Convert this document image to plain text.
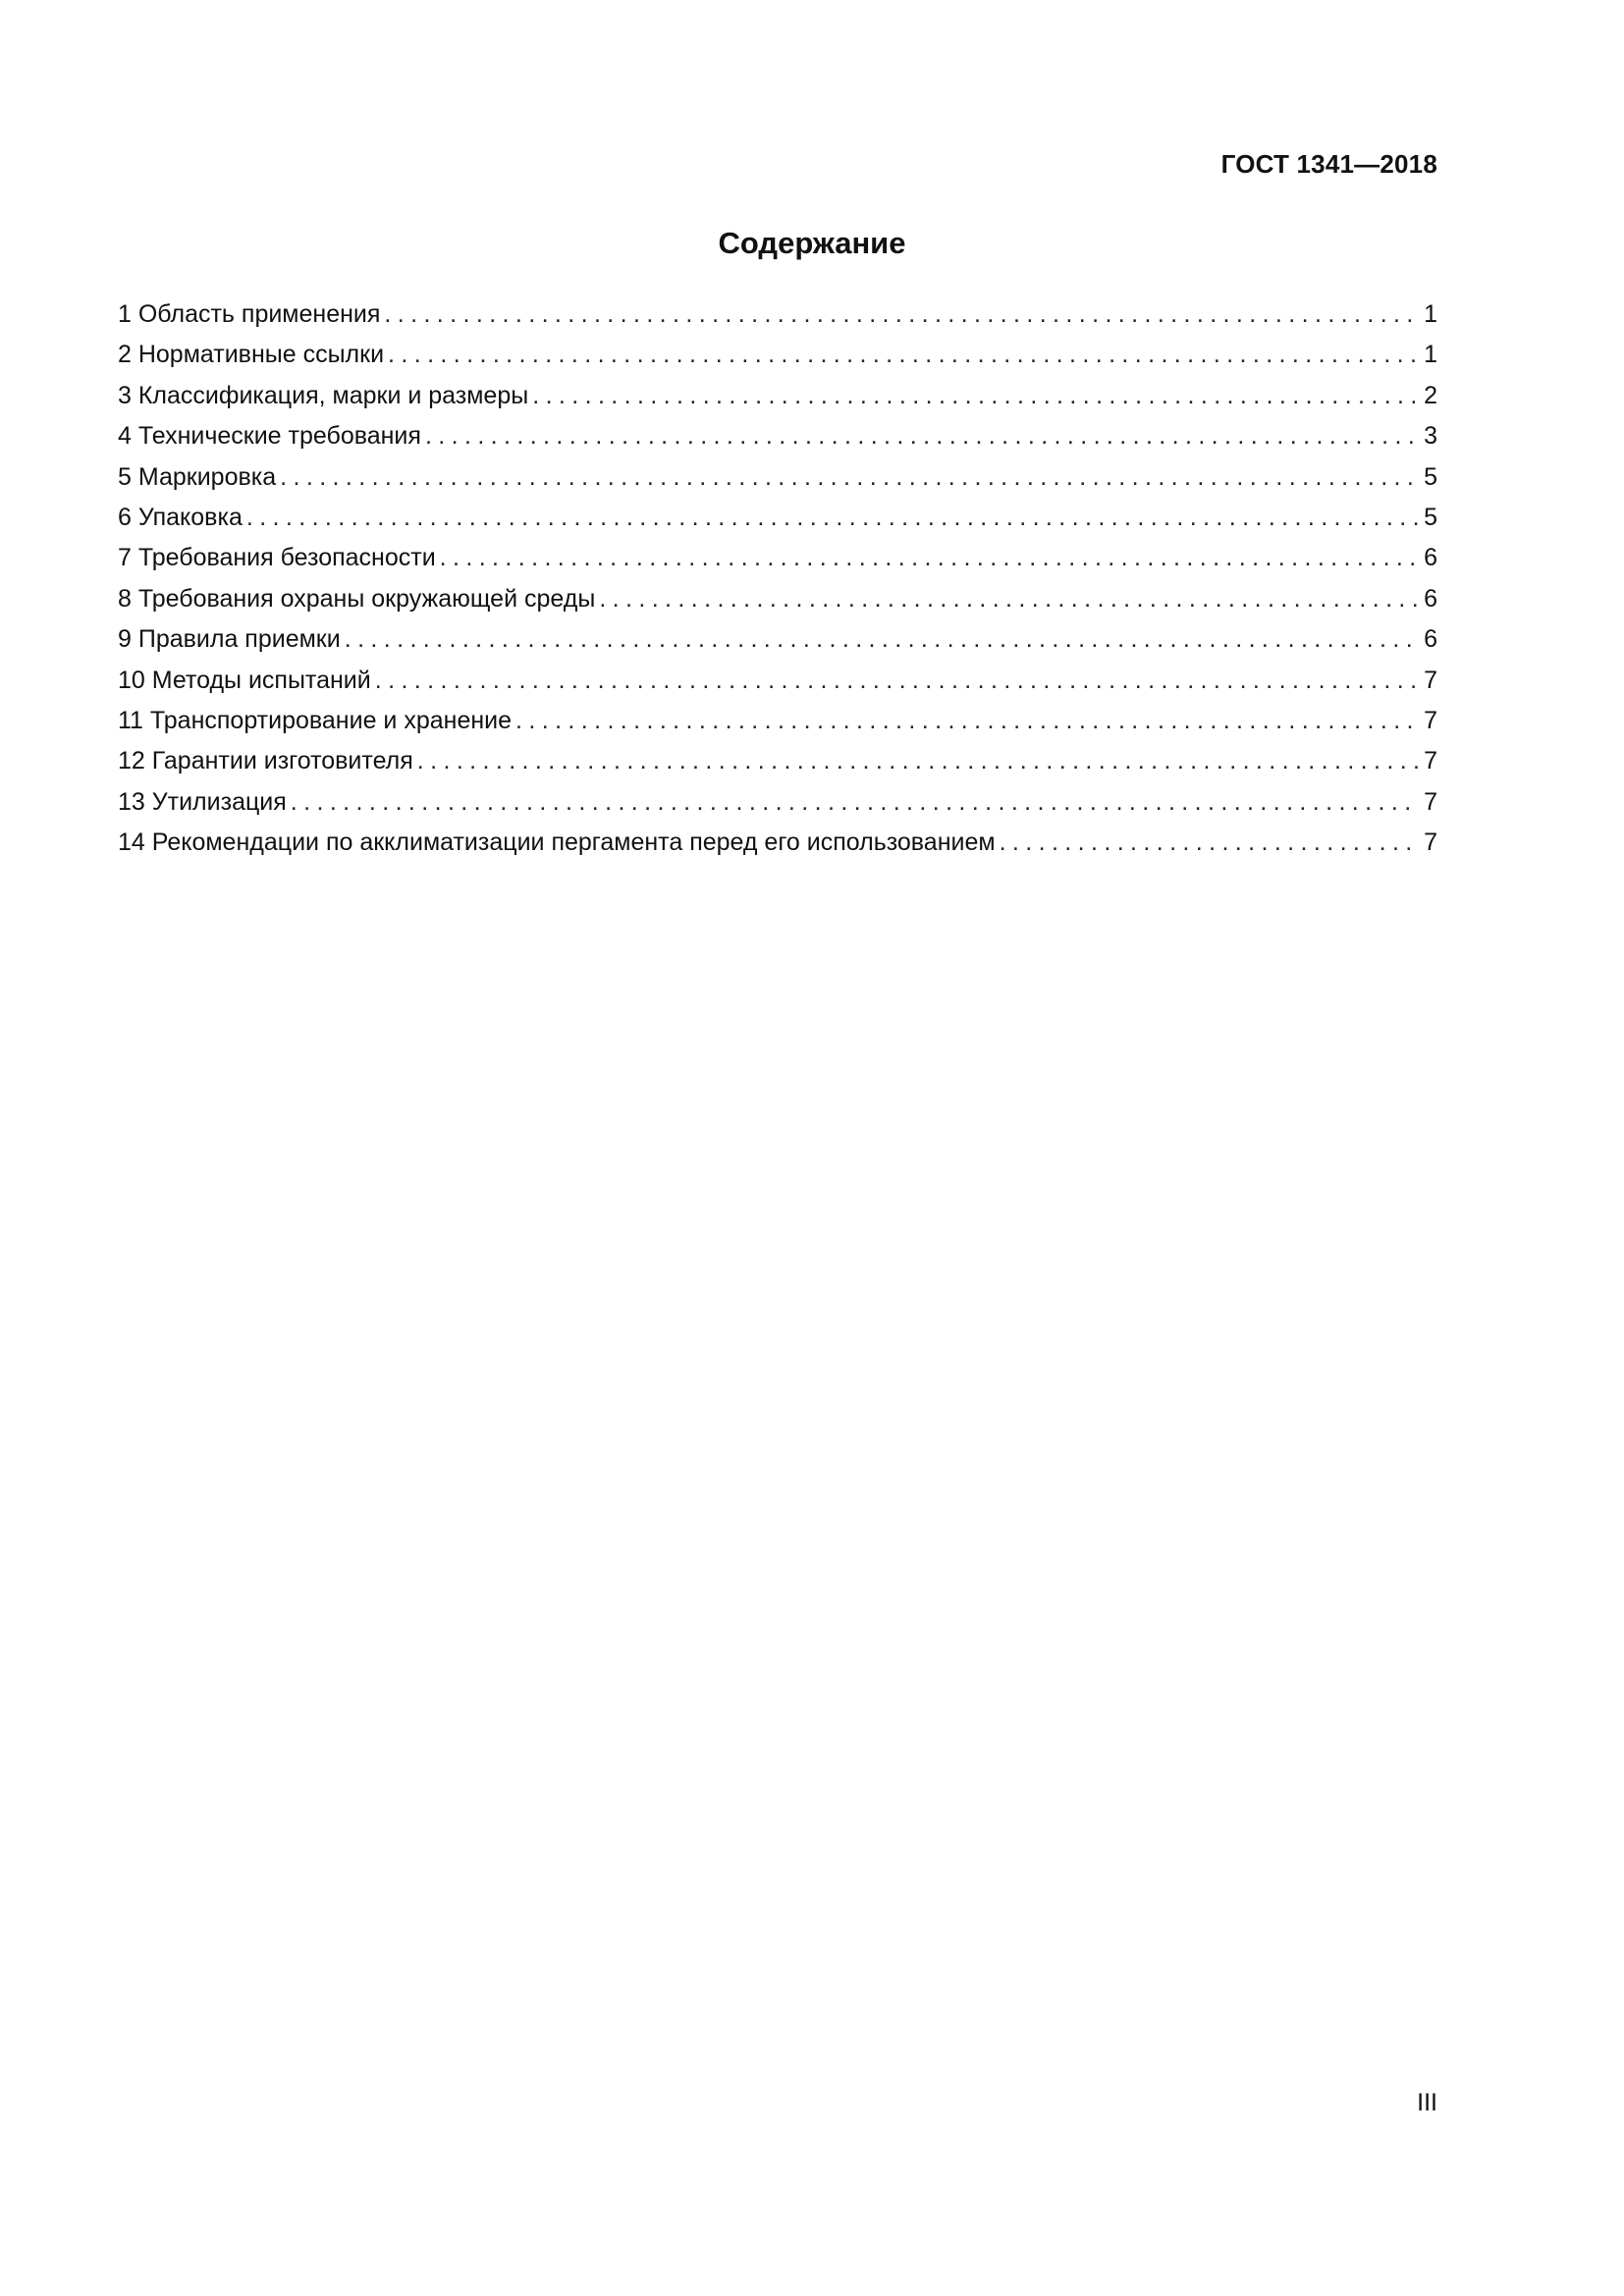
ГОСТ 1341—2018
Содержание
1 Область применения .....	1
2 Нормативные ссылки .....	1
3 Классификация, марки и размеры .....	2
4 Технические требования .....	3
5 Маркировка .....	5
6 Упаковка .....	5
7 Требования безопасности .....	6
8 Требования охраны окружающей среды .....	6
9 Правила приемки .....	6
10 Методы испытаний .....	7
11 Транспортирование и хранение .....	7
12 Гарантии изготовителя .....	7
13 Утилизация .....	7
14 Рекомендации по акклиматизации пергамента перед его использованием .....	7
III
